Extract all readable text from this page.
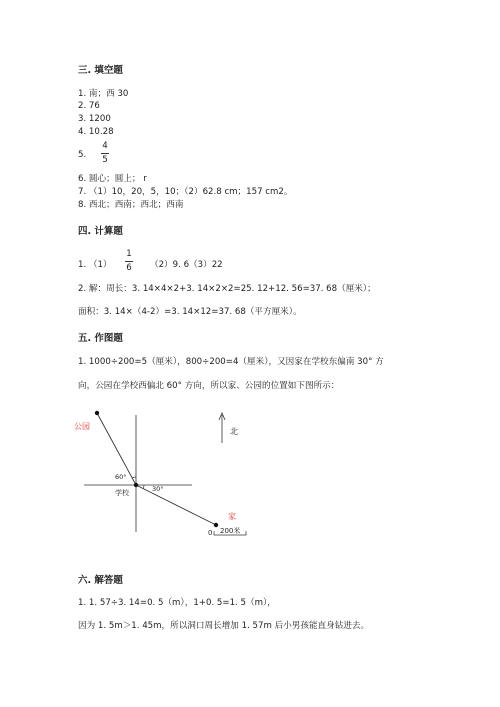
三. 填空题
1. 南；西 30
2. 76
3. 1200
4. 10.28
5.
4
5
6. 圆心；圆上； r
7. （1）10，20，5，10；（2）62.8 cm；157 cm2。
8. 西北；西南；西北；西南
四. 计算题
1. （1）
1
6 （2）9. 6（3）22
2. 解：周长：3. 14×4×2+3. 14×2×2=25. 12+12. 56=37. 68（厘米）；
面积：3. 14×（4-2）=3. 14×12=37. 68（平方厘米）。
五. 作图题
1. 1000÷200=5（厘米），800÷200=4（厘米），又因家在学校东偏南 30° 方
向，公园在学校西偏北 60° 方向，所以家、公园的位置如下图所示：
公园
学校
家
北
60°
30°
0 200米
六. 解答题
1. 1. 57÷3. 14=0. 5（m），1+0. 5=1. 5（m），
因为 1. 5m＞1. 45m，所以洞口周长增加 1. 57m 后小男孩能直身钻进去。
